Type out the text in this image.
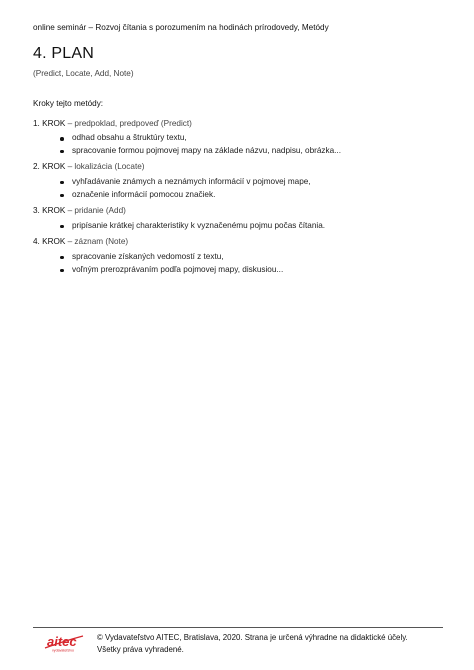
online seminár – Rozvoj čítania s porozumením na hodinách prírodovedy, Metódy
4. PLAN
(Predict, Locate, Add, Note)

Kroky tejto metódy:

1. KROK – predpoklad, predpoveď (Predict)

odhad obsahu a štruktúry textu,
spracovanie formou pojmovej mapy na základe názvu, nadpisu, obrázka...

2. KROK – lokalizácia (Locate)

vyhľadávanie známych a neznámych informácií v pojmovej mape,
označenie informácií pomocou značiek.

3. KROK – pridanie (Add)

pripísanie krátkej charakteristiky k vyznačenému pojmu počas čítania.

4. KROK – záznam (Note)

spracovanie získaných vedomostí z textu,
voľným prerozprávaním podľa pojmovej mapy, diskusiou...
aitec
vydavateľstvo
© Vydavateľstvo AITEC, Bratislava, 2020. Strana je určená výhradne na didaktické účely.
Všetky práva vyhradené.
